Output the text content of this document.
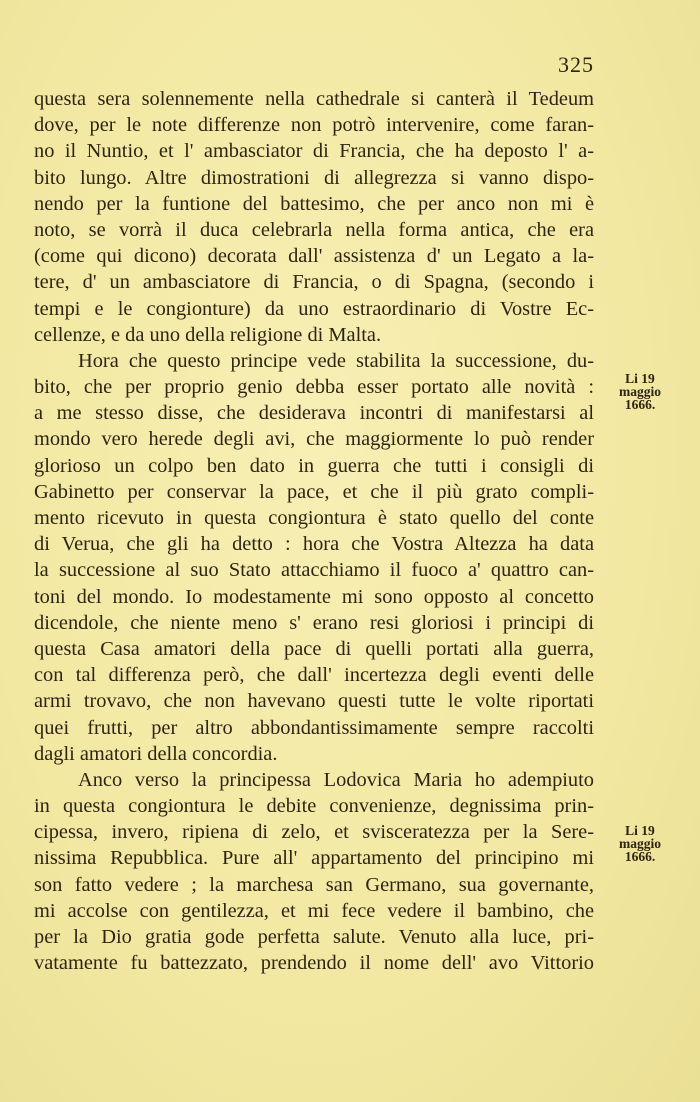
325
questa sera solennemente nella cathedrale si canterà il Tedeum
dove, per le note differenze non potrò intervenire, come faran-
no il Nuntio, et l' ambasciator di Francia, che ha deposto l' a-
bito lungo. Altre dimostrationi di allegrezza si vanno dispo-
nendo per la funtione del battesimo, che per anco non mi è
noto, se vorrà il duca celebrarla nella forma antica, che era
(come qui dicono) decorata dall' assistenza d' un Legato a la-
tere, d' un ambasciatore di Francia, o di Spagna, (secondo i
tempi e le congionture) da uno estraordinario di Vostre Ec-
cellenze, e da uno della religione di Malta.
Hora che questo principe vede stabilita la successione, du-
bito, che per proprio genio debba esser portato alle novità :
a me stesso disse, che desiderava incontri di manifestarsi al
mondo vero herede degli avi, che maggiormente lo può render
glorioso un colpo ben dato in guerra che tutti i consigli di
Gabinetto per conservar la pace, et che il più grato compli-
mento ricevuto in questa congiontura è stato quello del conte
di Verua, che gli ha detto : hora che Vostra Altezza ha data
la successione al suo Stato attacchiamo il fuoco a' quattro can-
toni del mondo. Io modestamente mi sono opposto al concetto
dicendole, che niente meno s' erano resi gloriosi i principi di
questa Casa amatori della pace di quelli portati alla guerra,
con tal differenza però, che dall' incertezza degli eventi delle
armi trovavo, che non havevano questi tutte le volte riportati
quei frutti, per altro abbondantissimamente sempre raccolti
dagli amatori della concordia.
Anco verso la principessa Lodovica Maria ho adempiuto
in questa congiontura le debite convenienze, degnissima prin-
cipessa, invero, ripiena di zelo, et svisceratezza per la Sere-
nissima Repubblica. Pure all' appartamento del principino mi
son fatto vedere ; la marchesa san Germano, sua governante,
mi accolse con gentilezza, et mi fece vedere il bambino, che
per la Dio gratia gode perfetta salute. Venuto alla luce, pri-
vatamente fu battezzato, prendendo il nome dell' avo Vittorio
Li 19
maggio
1666.
Li 19
maggio
1666.
